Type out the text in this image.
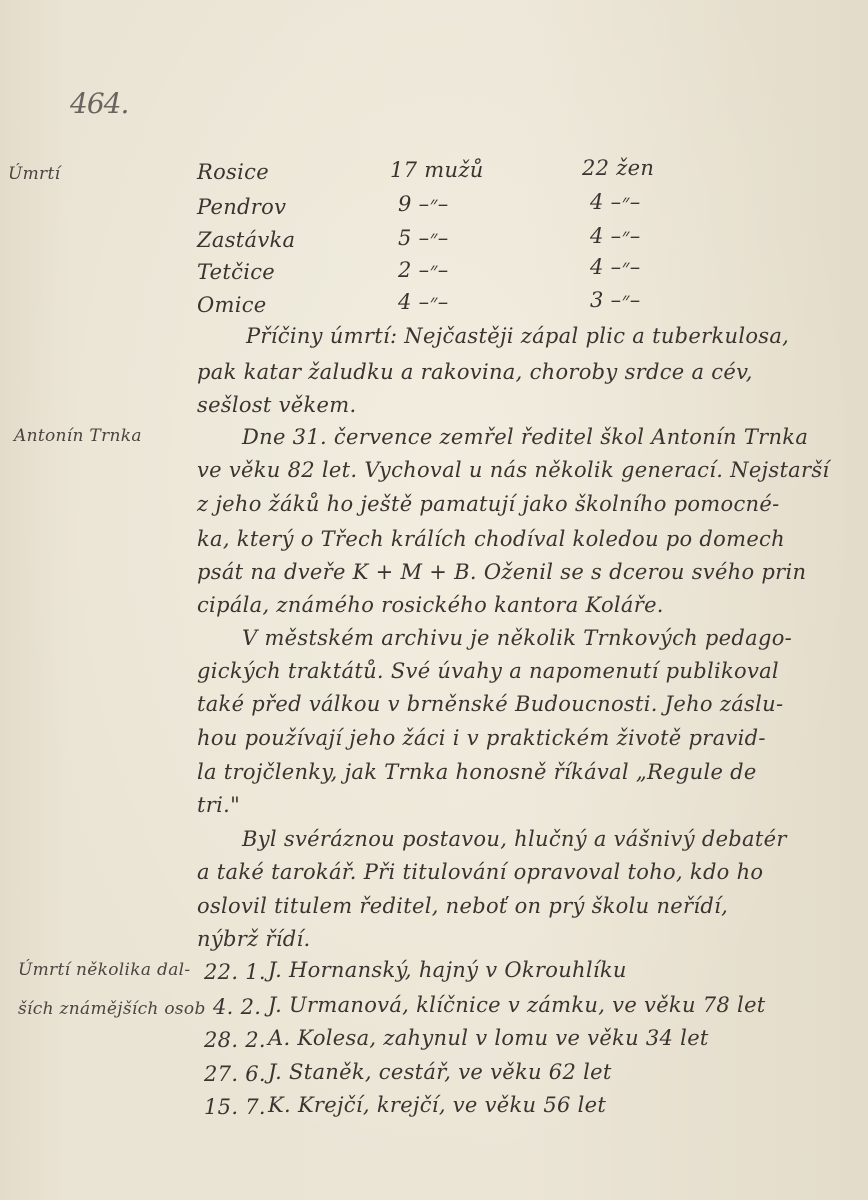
464.
Úmrtí
Antonín Trnka
Úmrtí několika dal-
ších známějších osob
Rosice	17 mužů	22 žen
Pendrov	9 –״–	4 –״–
Zastávka	5 –״–	4 –״–
Tetčice	2 –״–	4 –״–
Omice	4 –״–	3 –״–
Příčiny úmrtí: Nejčastěji zápal plic a tuberkulosa,
pak katar žaludku a rakovina, choroby srdce a cév,
sešlost věkem.
Dne 31. července zemřel ředitel škol Antonín Trnka
ve věku 82 let. Vychoval u nás několik generací. Nejstarší
z jeho žáků ho ještě pamatují jako školního pomocné-
ka, který o Třech králích chodíval koledou po domech
psát na dveře K + M + B. Oženil se s dcerou svého prin
cipála, známého rosického kantora Koláře.
V městském archivu je několik Trnkových pedago-
gických traktátů. Své úvahy a napomenutí publikoval
také před válkou v brněnské Budoucnosti. Jeho záslu-
hou používají jeho žáci i v praktickém životě pravid-
la trojčlenky, jak Trnka honosně říkával „Regule de
tri."
Byl svéráznou postavou, hlučný a vášnivý debatér
a také tarokář. Při titulování opravoval toho, kdo ho
oslovil titulem ředitel, neboť on prý školu neřídí,
nýbrž řídí.
22. 1. J. Hornanský, hajný v Okrouhlíku
4. 2. J. Urmanová, klíčnice v zámku, ve věku 78 let
28. 2. A. Kolesa, zahynul v lomu ve věku 34 let
27. 6. J. Staněk, cestář, ve věku 62 let
15. 7. K. Krejčí, krejčí, ve věku 56 let
